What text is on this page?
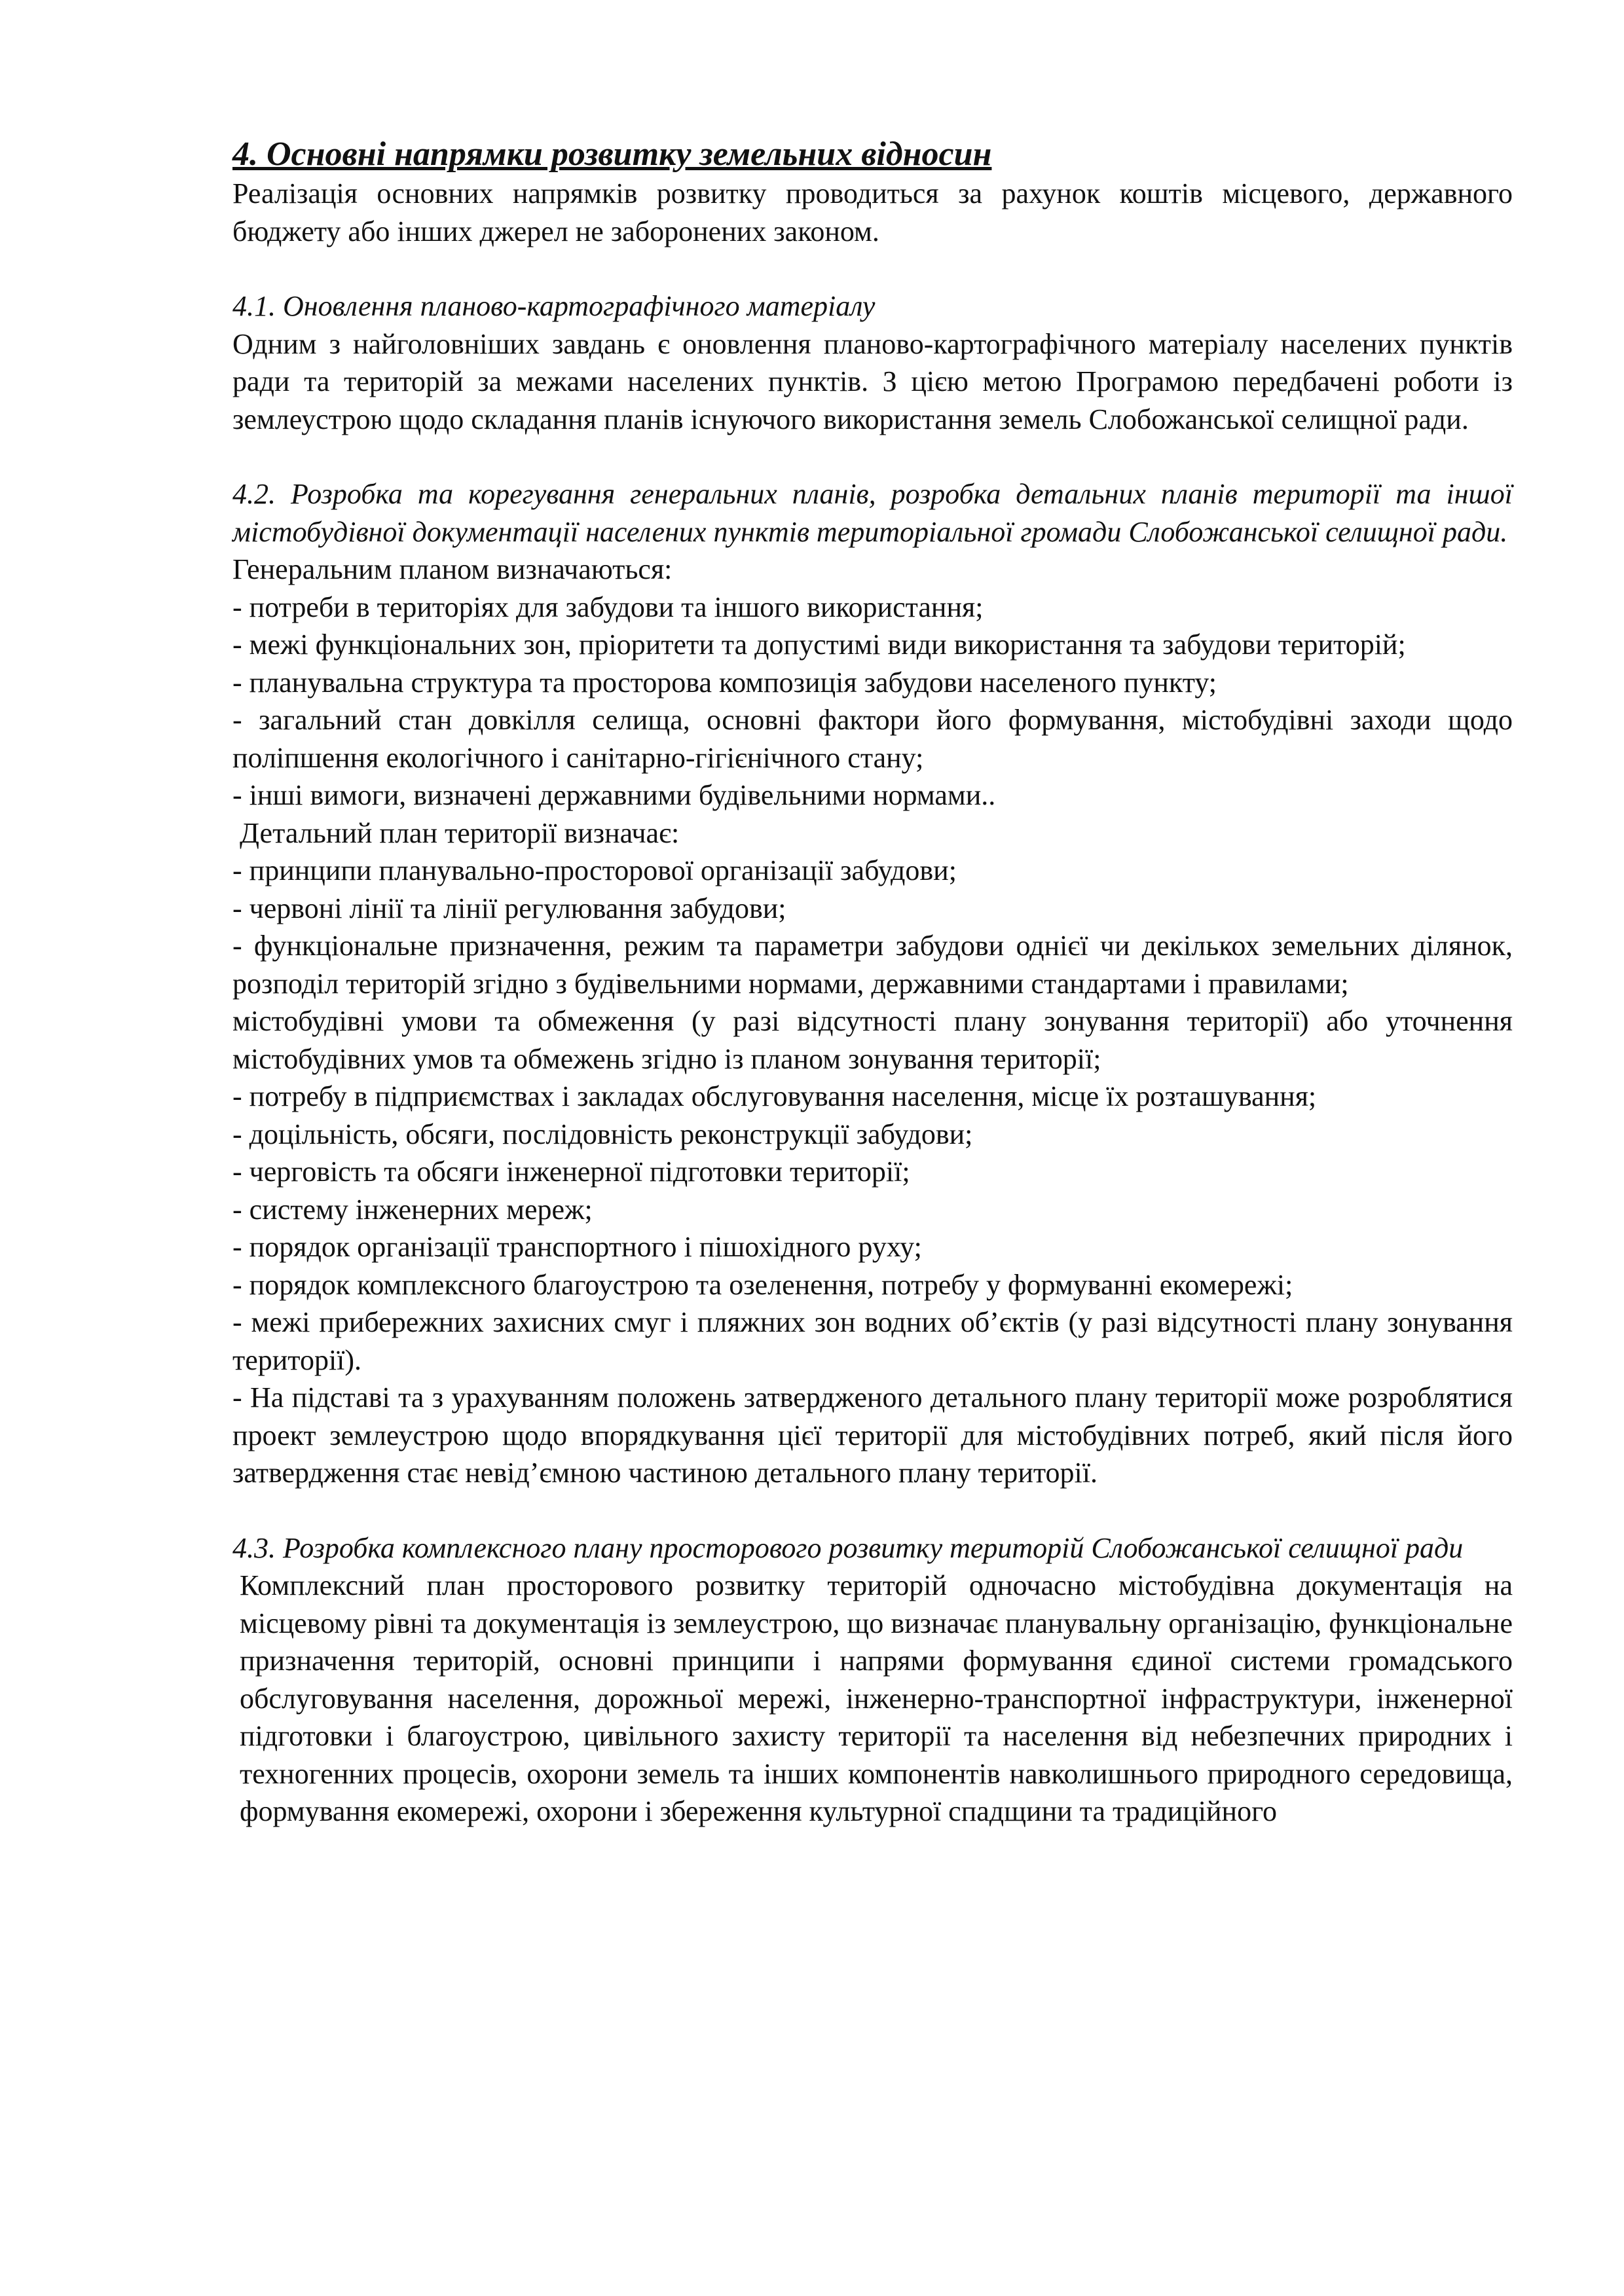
4. Основні напрямки розвитку земельних відносин

Реалізація основних напрямків розвитку проводиться за рахунок коштів місцевого, державного бюджету або інших джерел не заборонених законом.

4.1. Оновлення планово-картографічного матеріалу

Одним з найголовніших завдань є оновлення планово-картографічного матеріалу населених пунктів ради та територій за межами населених пунктів. З цією метою Програмою передбачені роботи із землеустрою щодо складання планів існуючого використання земель Слобожанської селищної ради.

4.2. Розробка та корегування генеральних планів, розробка детальних планів території та іншої містобудівної документації населених пунктів територіальної громади Слобожанської селищної ради.

Генеральним планом визначаються:

- потреби в територіях для забудови та іншого використання;

- межі функціональних зон, пріоритети та допустимі види використання та забудови територій;

- планувальна структура та просторова композиція забудови населеного пункту;

- загальний стан довкілля селища, основні фактори його формування, містобудівні заходи щодо поліпшення екологічного і санітарно-гігієнічного стану;

- інші вимоги, визначені державними будівельними нормами..

Детальний план території визначає:

- принципи планувально-просторової організації забудови;

- червоні лінії та лінії регулювання забудови;

- функціональне призначення, режим та параметри забудови однієї чи декількох земельних ділянок, розподіл територій згідно з будівельними нормами, державними стандартами і правилами;

містобудівні умови та обмеження (у разі відсутності плану зонування території) або уточнення містобудівних умов та обмежень згідно із планом зонування території;

- потребу в підприємствах і закладах обслуговування населення, місце їх розташування;

- доцільність, обсяги, послідовність реконструкції забудови;

- черговість та обсяги інженерної підготовки території;

- систему інженерних мереж;

- порядок організації транспортного і пішохідного руху;

- порядок комплексного благоустрою та озеленення, потребу у формуванні екомережі;

- межі прибережних захисних смуг і пляжних зон водних об’єктів (у разі відсутності плану зонування території).

- На підставі та з урахуванням положень затвердженого детального плану території може розроблятися проект землеустрою щодо впорядкування цієї території для містобудівних потреб, який після його затвердження стає невід’ємною частиною детального плану території.

4.3. Розробка комплексного плану просторового розвитку територій Слобожанської селищної ради

Комплексний план просторового розвитку територій одночасно містобудівна документація на місцевому рівні та документація із землеустрою, що визначає планувальну організацію, функціональне призначення територій, основні принципи і напрями формування єдиної системи громадського обслуговування населення, дорожньої мережі, інженерно-транспортної інфраструктури, інженерної підготовки і благоустрою, цивільного захисту території та населення від небезпечних природних і техногенних процесів, охорони земель та інших компонентів навколишнього природного середовища, формування екомережі, охорони і збереження культурної спадщини та традиційного
